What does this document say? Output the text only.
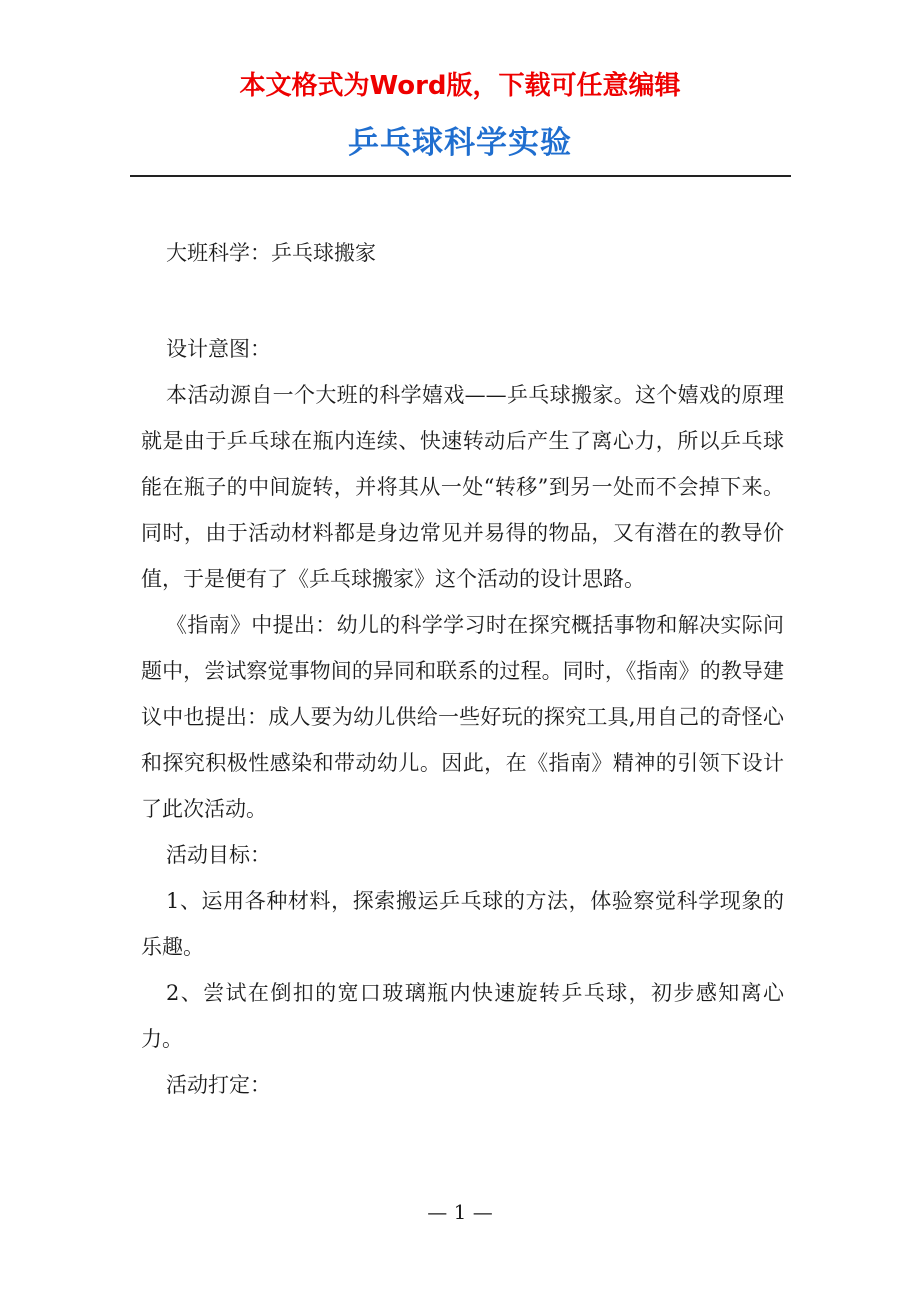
本文格式为Word版，下载可任意编辑
乒乓球科学实验
大班科学：乒乓球搬家

设计意图：

本活动源自一个大班的科学嬉戏——乒乓球搬家。这个嬉戏的原理就是由于乒乓球在瓶内连续、快速转动后产生了离心力，所以乒乓球能在瓶子的中间旋转，并将其从一处“转移”到另一处而不会掉下来。同时，由于活动材料都是身边常见并易得的物品，又有潜在的教导价值，于是便有了《乒乓球搬家》这个活动的设计思路。

《指南》中提出：幼儿的科学学习时在探究概括事物和解决实际问题中，尝试察觉事物间的异同和联系的过程。同时，《指南》的教导建议中也提出：成人要为幼儿供给一些好玩的探究工具,用自己的奇怪心和探究积极性感染和带动幼儿。因此，在《指南》精神的引领下设计了此次活动。

活动目标：

1、运用各种材料，探索搬运乒乓球的方法，体验察觉科学现象的乐趣。

2、尝试在倒扣的宽口玻璃瓶内快速旋转乒乓球，初步感知离心力。

活动打定：

— 1 —
